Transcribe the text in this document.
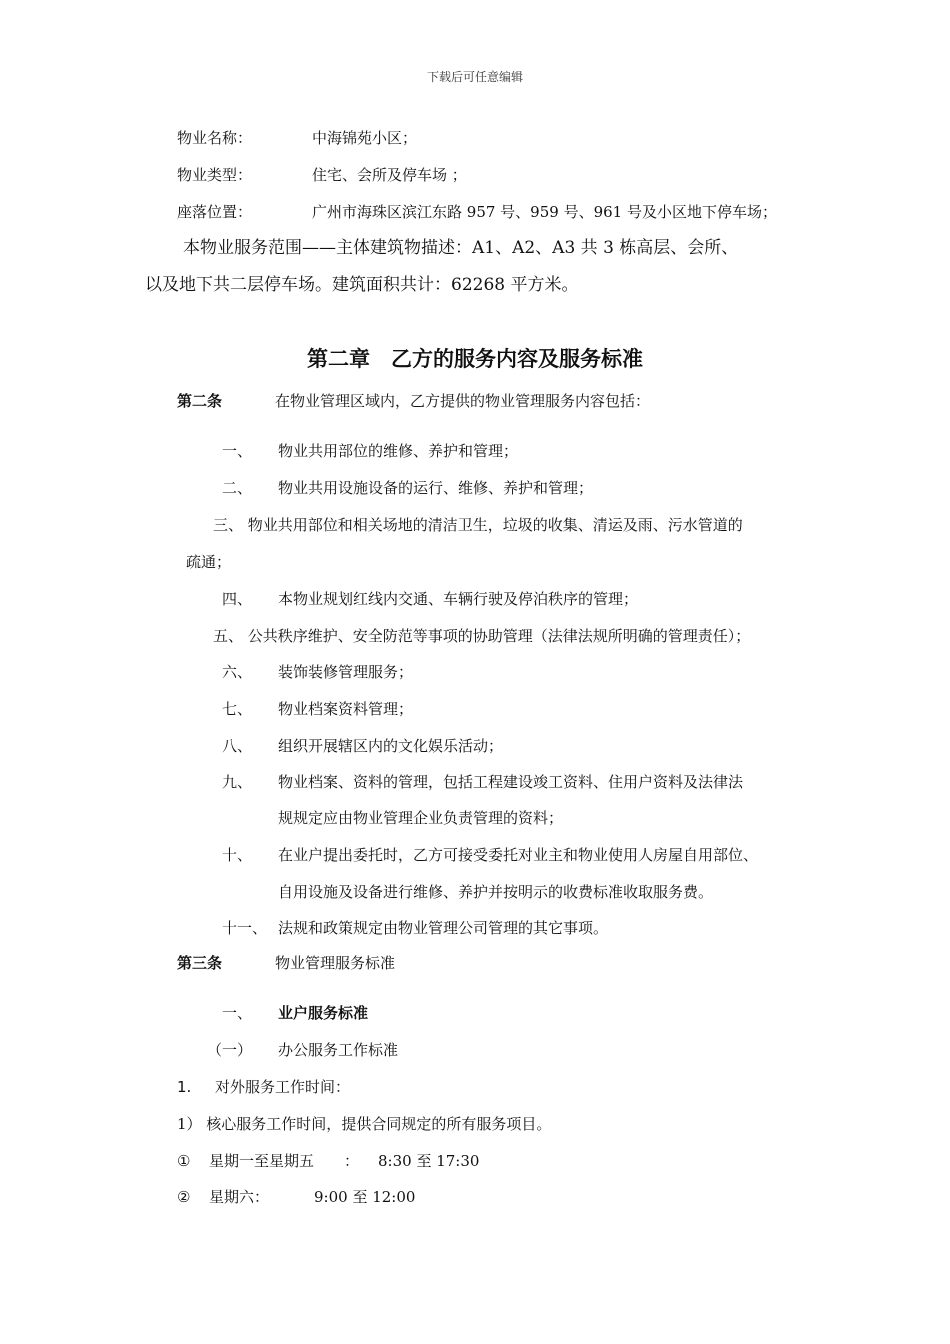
下载后可任意编辑
物业名称：	中海锦苑小区；
物业类型：	住宅、会所及停车场 ；
座落位置：	广州市海珠区滨江东路 957 号、959 号、961 号及小区地下停车场；
本物业服务范围——主体建筑物描述：A1、A2、A3 共 3 栋高层、会所、
以及地下共二层停车场。建筑面积共计：62268 平方米。
第二章　乙方的服务内容及服务标准
第二条	在物业管理区域内，乙方提供的物业管理服务内容包括：
一、 物业共用部位的维修、养护和管理；
二、 物业共用设施设备的运行、维修、养护和管理；
三、 物业共用部位和相关场地的清洁卫生，垃圾的收集、清运及雨、污水管道的
疏通；
四、 本物业规划红线内交通、车辆行驶及停泊秩序的管理；
五、 公共秩序维护、安全防范等事项的协助管理（法律法规所明确的管理责任）；
六、 装饰装修管理服务；
七、 物业档案资料管理；
八、 组织开展辖区内的文化娱乐活动；
九、 物业档案、资料的管理，包括工程建设竣工资料、住用户资料及法律法
规规定应由物业管理企业负责管理的资料；
十、 在业户提出委托时，乙方可接受委托对业主和物业使用人房屋自用部位、
自用设施及设备进行维修、养护并按明示的收费标准收取服务费。
十一、 法规和政策规定由物业管理公司管理的其它事项。
第三条	物业管理服务标准
一、 业户服务标准
（一） 办公服务工作标准
1. 对外服务工作时间：
1） 核心服务工作时间，提供合同规定的所有服务项目。
① 星期一至星期五 ： 8:30 至 17:30
② 星期六：	9:00 至 12:00
